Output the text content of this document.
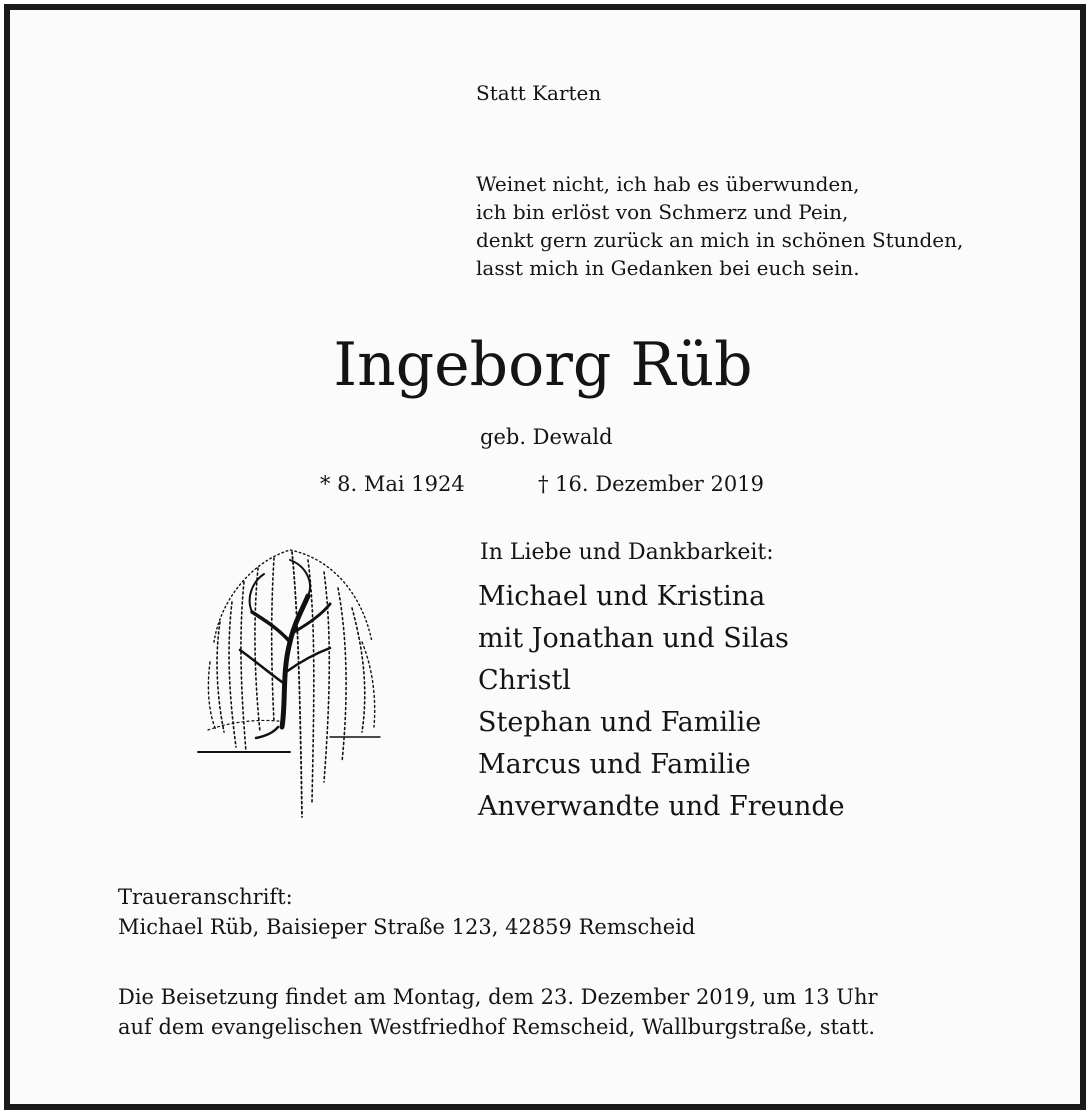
Statt Karten

Weinet nicht, ich hab es überwunden,
ich bin erlöst von Schmerz und Pein,
denkt gern zurück an mich in schönen Stunden,
lasst mich in Gedanken bei euch sein.
Ingeborg Rüb

geb. Dewald

* 8. Mai 1924	† 16. Dezember 2019

In Liebe und Dankbarkeit:

Michael und Kristina
mit Jonathan und Silas
Christl
Stephan und Familie
Marcus und Familie
Anverwandte und Freunde
Traueranschrift:
Michael Rüb, Baisieper Straße 123, 42859 Remscheid
Die Beisetzung findet am Montag, dem 23. Dezember 2019, um 13 Uhr
auf dem evangelischen Westfriedhof Remscheid, Wallburgstraße, statt.
